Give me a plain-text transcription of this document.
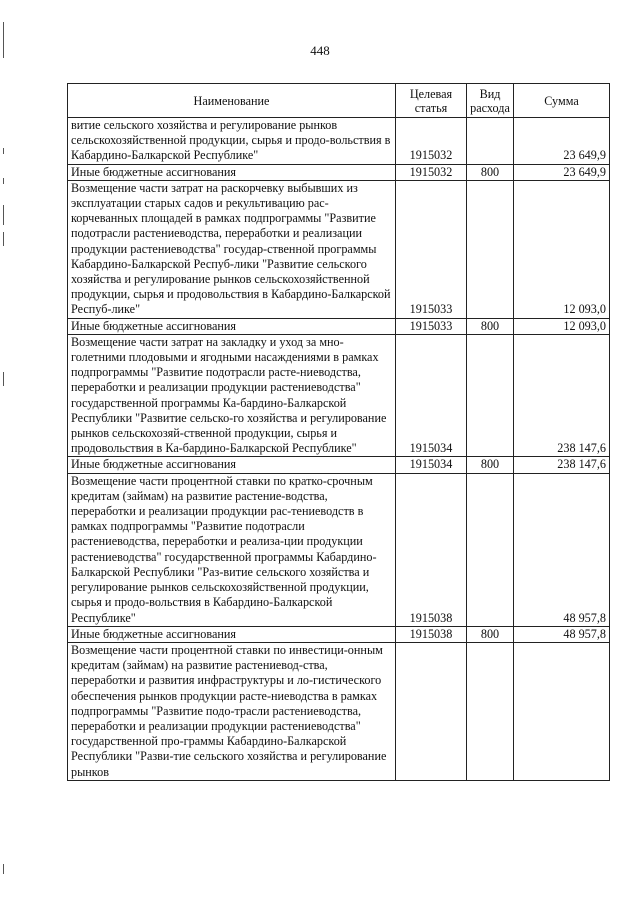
448
Наименование	Целевая статья	Вид расхода	Сумма
витие сельского хозяйства и регулирование рынков сельскохозяйственной продукции, сырья и продо-вольствия в Кабардино-Балкарской Республике"	1915032		23 649,9
Иные бюджетные ассигнования	1915032	800	23 649,9
Возмещение части затрат на раскорчевку выбывших из эксплуатации старых садов и рекультивацию рас-корчеванных площадей в рамках подпрограммы "Развитие подотрасли растениеводства, переработки и реализации продукции растениеводства" государ-ственной программы Кабардино-Балкарской Респуб-лики "Развитие сельского хозяйства и регулирование рынков сельскохозяйственной продукции, сырья и продовольствия в Кабардино-Балкарской Респуб-лике"	1915033		12 093,0
Иные бюджетные ассигнования	1915033	800	12 093,0
Возмещение части затрат на закладку и уход за мно-голетними плодовыми и ягодными насаждениями в рамках подпрограммы "Развитие подотрасли расте-ниеводства, переработки и реализации продукции растениеводства" государственной программы Ка-бардино-Балкарской Республики "Развитие сельско-го хозяйства и регулирование рынков сельскохозяй-ственной продукции, сырья и продовольствия в Ка-бардино-Балкарской Республике"	1915034		238 147,6
Иные бюджетные ассигнования	1915034	800	238 147,6
Возмещение части процентной ставки по кратко-срочным кредитам (займам) на развитие растение-водства, переработки и реализации продукции рас-тениеводств в рамках подпрограммы "Развитие подотрасли растениеводства, переработки и реализа-ции продукции растениеводства" государственной программы Кабардино-Балкарской Республики "Раз-витие сельского хозяйства и регулирование рынков сельскохозяйственной продукции, сырья и продо-вольствия в Кабардино-Балкарской Республике"	1915038		48 957,8
Иные бюджетные ассигнования	1915038	800	48 957,8
Возмещение части процентной ставки по инвестици-онным кредитам (займам) на развитие растениевод-ства, переработки и развития инфраструктуры и ло-гистического обеспечения рынков продукции расте-ниеводства в рамках подпрограммы "Развитие подо-трасли растениеводства, переработки и реализации продукции растениеводства" государственной про-граммы Кабардино-Балкарской Республики "Разви-тие сельского хозяйства и регулирование рынков			
